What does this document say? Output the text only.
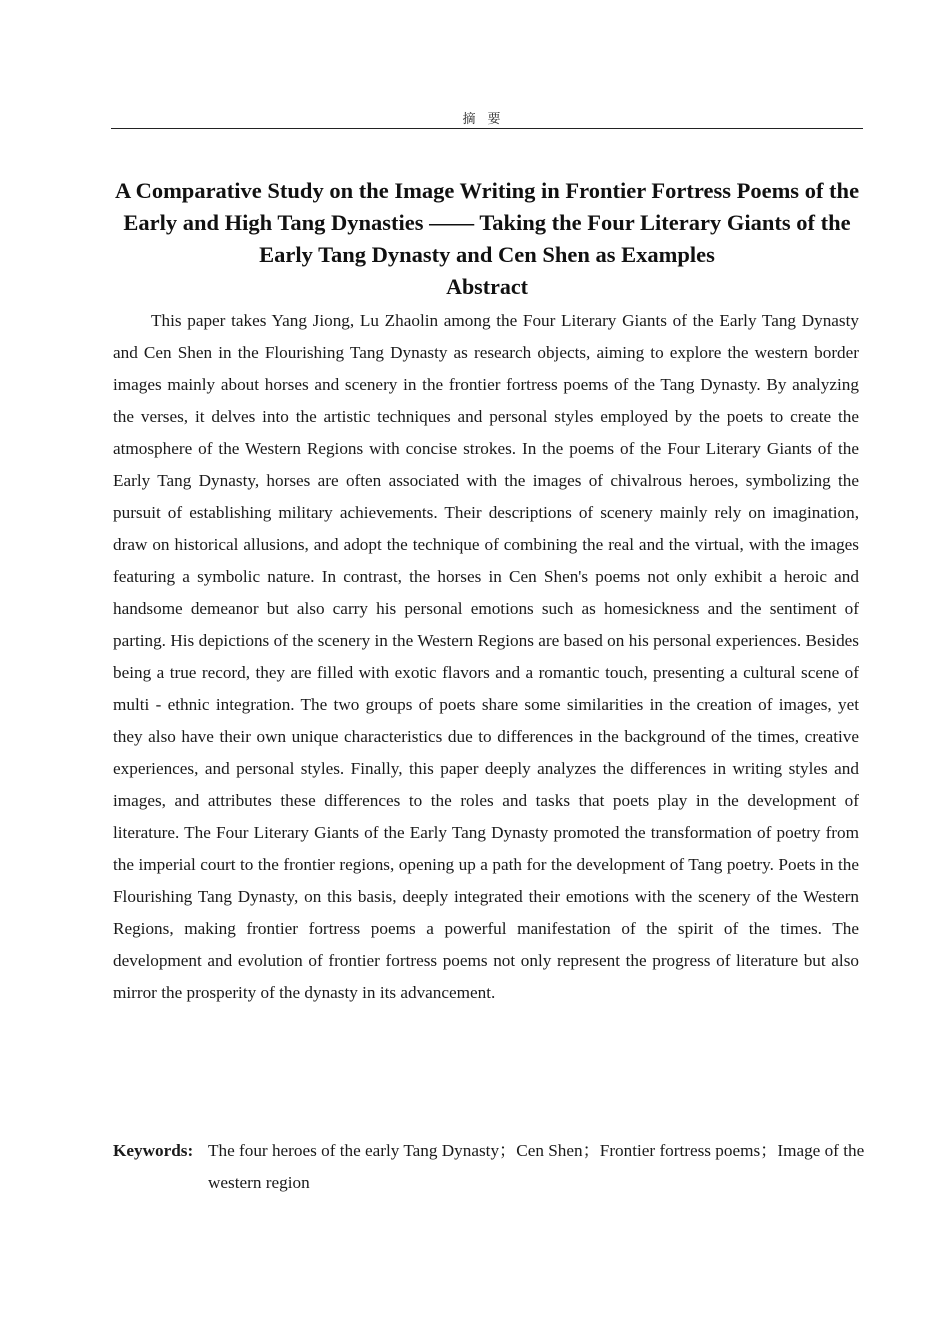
摘要
A Comparative Study on the Image Writing in Frontier Fortress Poems of the Early and High Tang Dynasties —— Taking the Four Literary Giants of the Early Tang Dynasty and Cen Shen as Examples
Abstract

This paper takes Yang Jiong, Lu Zhaolin among the Four Literary Giants of the Early Tang Dynasty and Cen Shen in the Flourishing Tang Dynasty as research objects, aiming to explore the western border images mainly about horses and scenery in the frontier fortress poems of the Tang Dynasty. By analyzing the verses, it delves into the artistic techniques and personal styles employed by the poets to create the atmosphere of the Western Regions with concise strokes. In the poems of the Four Literary Giants of the Early Tang Dynasty, horses are often associated with the images of chivalrous heroes, symbolizing the pursuit of establishing military achievements. Their descriptions of scenery mainly rely on imagination, draw on historical allusions, and adopt the technique of combining the real and the virtual, with the images featuring a symbolic nature. In contrast, the horses in Cen Shen's poems not only exhibit a heroic and handsome demeanor but also carry his personal emotions such as homesickness and the sentiment of parting. His depictions of the scenery in the Western Regions are based on his personal experiences. Besides being a true record, they are filled with exotic flavors and a romantic touch, presenting a cultural scene of multi - ethnic integration. The two groups of poets share some similarities in the creation of images, yet they also have their own unique characteristics due to differences in the background of the times, creative experiences, and personal styles. Finally, this paper deeply analyzes the differences in writing styles and images, and attributes these differences to the roles and tasks that poets play in the development of literature. The Four Literary Giants of the Early Tang Dynasty promoted the transformation of poetry from the imperial court to the frontier regions, opening up a path for the development of Tang poetry. Poets in the Flourishing Tang Dynasty, on this basis, deeply integrated their emotions with the scenery of the Western Regions, making frontier fortress poems a powerful manifestation of the spirit of the times. The development and evolution of frontier fortress poems not only represent the progress of literature but also mirror the prosperity of the dynasty in its advancement.

Keywords: The four heroes of the early Tang Dynasty；Cen Shen；Frontier fortress poems；Image of the western region
